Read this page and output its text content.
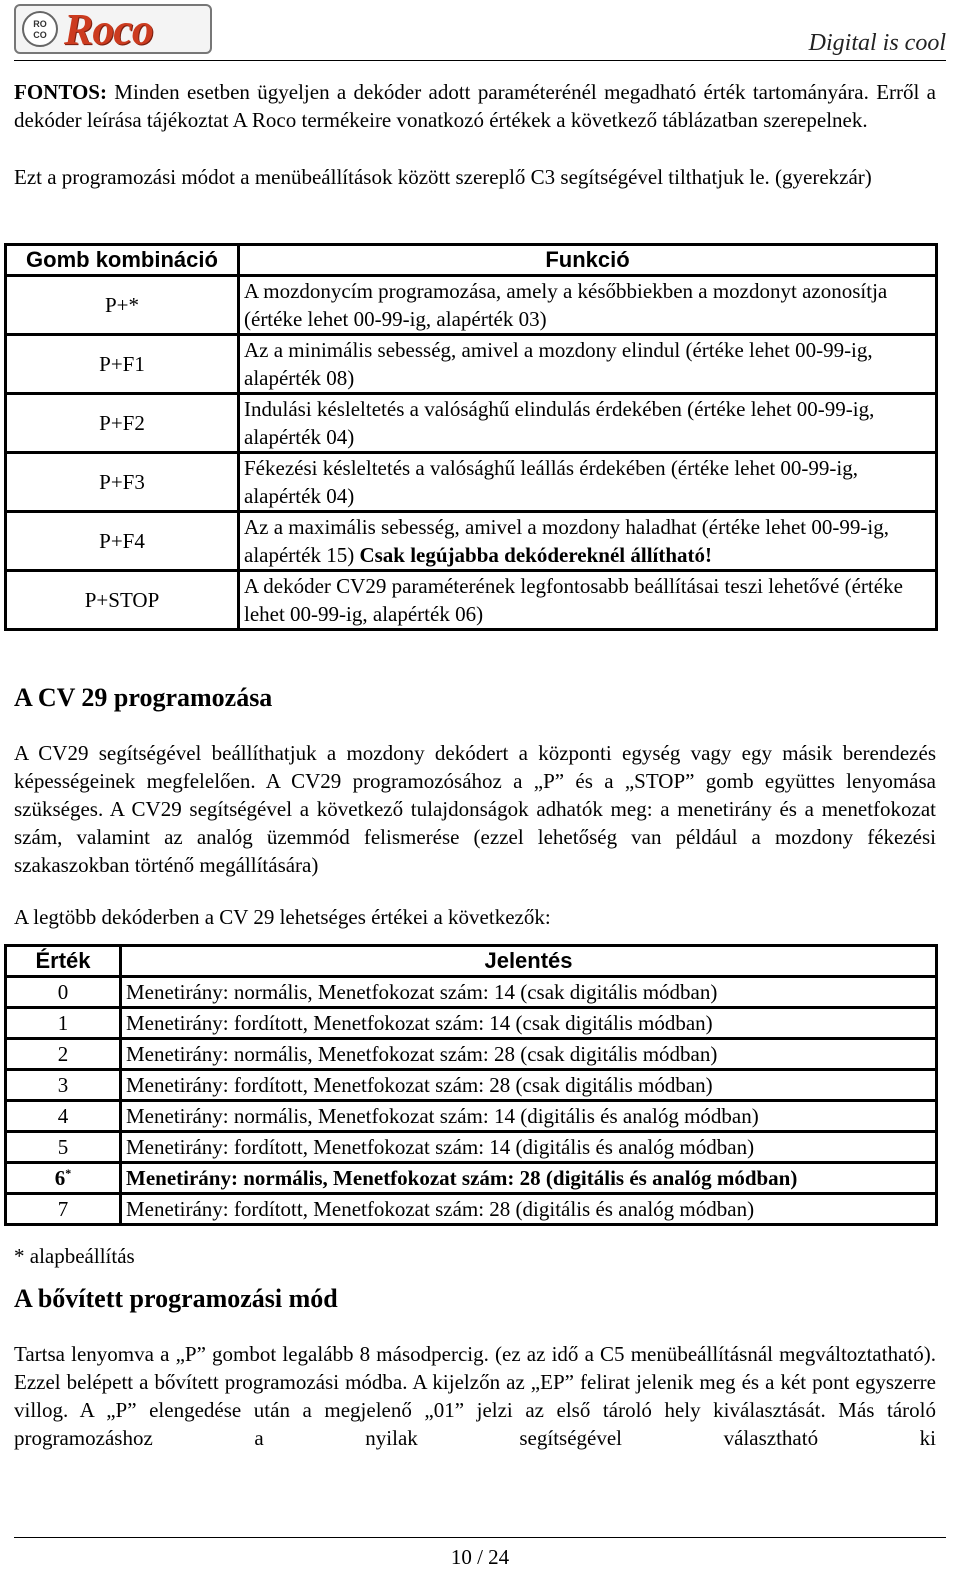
RO
CO Roco	Digital is cool
FONTOS: Minden esetben ügyeljen a dekóder adott paraméterénél megadható érték tartományára. Erről a dekóder leírása tájékoztat A Roco termékeire vonatkozó értékek a következő táblázatban szerepelnek.
Ezt a programozási módot a menübeállítások között szereplő C3 segítségével tilthatjuk le. (gyerekzár)
Gomb kombináció	Funkció
P+*	A mozdonycím programozása, amely a későbbiekben a mozdonyt azonosítja (értéke lehet 00-99-ig, alapérték 03)
P+F1	Az a minimális sebesség, amivel a mozdony elindul (értéke lehet 00-99-ig, alapérték 08)
P+F2	Indulási késleltetés a valósághű elindulás érdekében (értéke lehet 00-99-ig, alapérték 04)
P+F3	Fékezési késleltetés a valósághű leállás érdekében (értéke lehet 00-99-ig, alapérték 04)
P+F4	Az a maximális sebesség, amivel a mozdony haladhat (értéke lehet 00-99-ig, alapérték 15) Csak legújabba dekódereknél állítható!
P+STOP	A dekóder CV29 paraméterének legfontosabb beállításai teszi lehetővé (értéke lehet 00-99-ig, alapérték 06)
A CV 29 programozása
A CV29 segítségével beállíthatjuk a mozdony dekódert a központi egység vagy egy másik berendezés képességeinek megfelelően. A CV29 programozósához a „P” és a „STOP” gomb együttes lenyomása szükséges. A CV29 segítségével a következő tulajdonságok adhatók meg: a menetirány és a menetfokozat szám, valamint az analóg üzemmód felismerése (ezzel lehetőség van például a mozdony fékezési szakaszokban történő megállítására)
A legtöbb dekóderben a CV 29 lehetséges értékei a következők:
Érték	Jelentés
0	Menetirány: normális, Menetfokozat szám: 14 (csak digitális módban)
1	Menetirány: fordított, Menetfokozat szám: 14 (csak digitális módban)
2	Menetirány: normális, Menetfokozat szám: 28 (csak digitális módban)
3	Menetirány: fordított, Menetfokozat szám: 28 (csak digitális módban)
4	Menetirány: normális, Menetfokozat szám: 14 (digitális és analóg módban)
5	Menetirány: fordított, Menetfokozat szám: 14 (digitális és analóg módban)
6*	Menetirány: normális, Menetfokozat szám: 28 (digitális és analóg módban)
7	Menetirány: fordított, Menetfokozat szám: 28 (digitális és analóg módban)
* alapbeállítás
A bővített programozási mód
Tartsa lenyomva a „P” gombot legalább 8 másodpercig. (ez az idő a C5 menübeállításnál megváltoztatható). Ezzel belépett a bővített programozási módba. A kijelzőn az „EP” felirat jelenik meg és a két pont egyszerre villog. A „P” elengedése után a megjelenő „01” jelzi az első tároló hely kiválasztását. Más tároló programozáshoz a nyilak segítségével választható ki
10 / 24
